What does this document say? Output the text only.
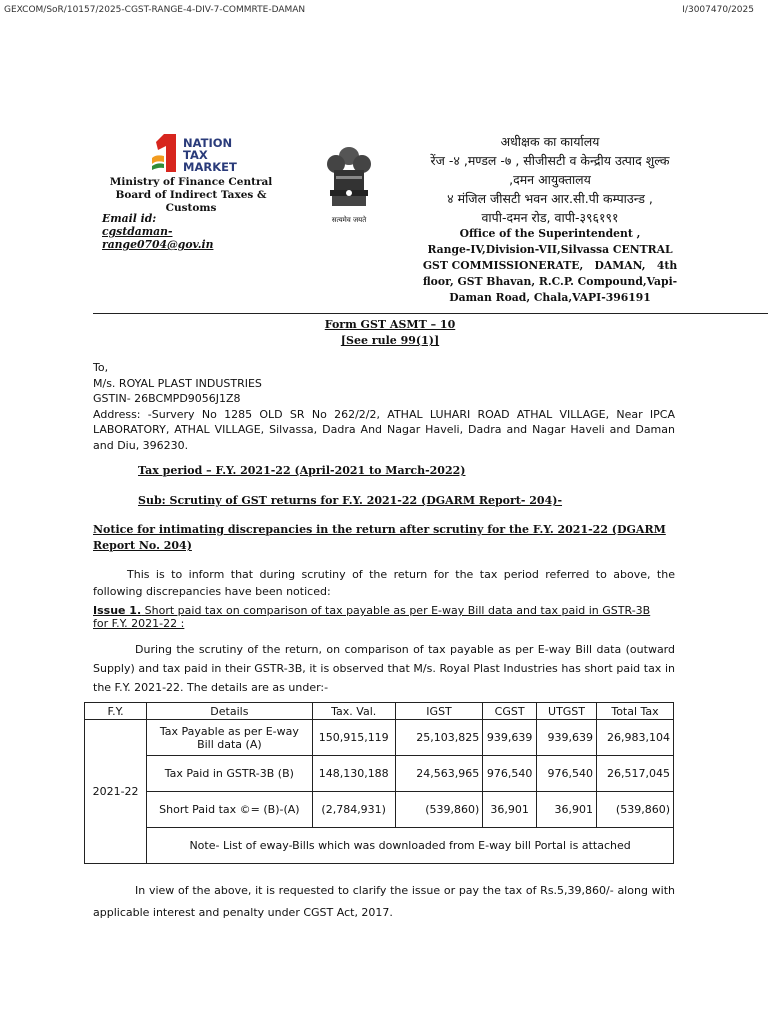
GEXCOM/SoR/10157/2025-CGST-RANGE-4-DIV-7-COMMRTE-DAMAN	I/3007470/2025
NATION
TAX
MARKET
सत्यमेव जयते
Ministry of Finance Central
Board of Indirect Taxes &
Customs
Email id:
cgstdaman-
range0704@gov.in
अधीक्षक का कार्यालय
रेंज -४ ,मण्डल -७ , सीजीसटी व केन्द्रीय उत्पाद शुल्क
,दमन आयुक्तालय
४ मंजिल जीसटी भवन आर.सी.पी कम्पाउन्ड ,
वापी-दमन रोड, वापी-३९६१९१
Office of the Superintendent ,
Range-IV,Division-VII,Silvassa CENTRAL
GST COMMISSIONERATE,   DAMAN,   4th
floor, GST Bhavan, R.C.P. Compound,Vapi-
Daman Road, Chala,VAPI-396191
Form GST ASMT – 10
[See rule 99(1)]
To,
M/s. ROYAL PLAST INDUSTRIES
GSTIN- 26BCMPD9056J1Z8
Address: -Survery No 1285 OLD SR No 262/2/2, ATHAL LUHARI ROAD ATHAL VILLAGE, Near IPCA LABORATORY, ATHAL VILLAGE, Silvassa, Dadra And Nagar Haveli, Dadra and Nagar Haveli and Daman and Diu, 396230.
Tax period – F.Y. 2021-22 (April-2021 to March-2022)
Sub: Scrutiny of GST returns for F.Y. 2021-22 (DGARM Report- 204)-
Notice for intimating discrepancies in the return after scrutiny for the F.Y. 2021-22 (DGARM
Report No. 204)
This is to inform that during scrutiny of the return for the tax period referred to above, the following discrepancies have been noticed:
Issue 1. Short paid tax on comparison of tax payable as per E-way Bill data and tax paid in GSTR-3B
for F.Y. 2021-22 :
During the scrutiny of the return, on comparison of tax payable as per E-way Bill data (outward Supply) and tax paid in their GSTR-3B, it is observed that M/s. Royal Plast Industries has short paid tax in the F.Y. 2021-22. The details are as under:-
F.Y.	Details	Tax. Val.	IGST	CGST	UTGST	Total Tax
2021-22	Tax Payable as per E-way Bill data (A)	150,915,119	25,103,825	939,639	939,639	26,983,104
	Tax Paid in GSTR-3B (B)	148,130,188	24,563,965	976,540	976,540	26,517,045
	Short Paid tax ©= (B)-(A)	(2,784,931)	(539,860)	36,901	36,901	(539,860)
	Note- List of eway-Bills which was downloaded from E-way bill Portal is attached					
In view of the above, it is requested to clarify the issue or pay the tax of Rs.5,39,860/- along with applicable interest and penalty under CGST Act, 2017.
